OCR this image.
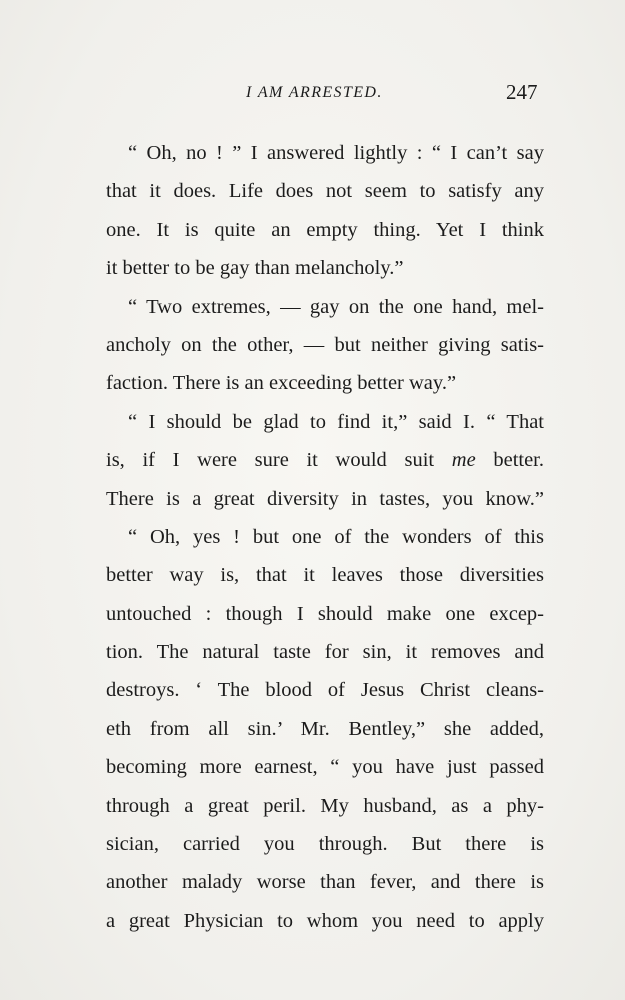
I AM ARRESTED.	247
“ Oh, no ! ” I answered lightly : “ I can’t say
that it does. Life does not seem to satisfy any
one. It is quite an empty thing. Yet I think
it better to be gay than melancholy.”
“ Two extremes, — gay on the one hand, mel-
ancholy on the other, — but neither giving satis-
faction. There is an exceeding better way.”
“ I should be glad to find it,” said I. “ That
is, if I were sure it would suit me better.
There is a great diversity in tastes, you know.”
“ Oh, yes ! but one of the wonders of this
better way is, that it leaves those diversities
untouched : though I should make one excep-
tion. The natural taste for sin, it removes and
destroys. ‘ The blood of Jesus Christ cleans-
eth from all sin.’ Mr. Bentley,” she added,
becoming more earnest, “ you have just passed
through a great peril. My husband, as a phy-
sician, carried you through. But there is
another malady worse than fever, and there is
a great Physician to whom you need to apply
